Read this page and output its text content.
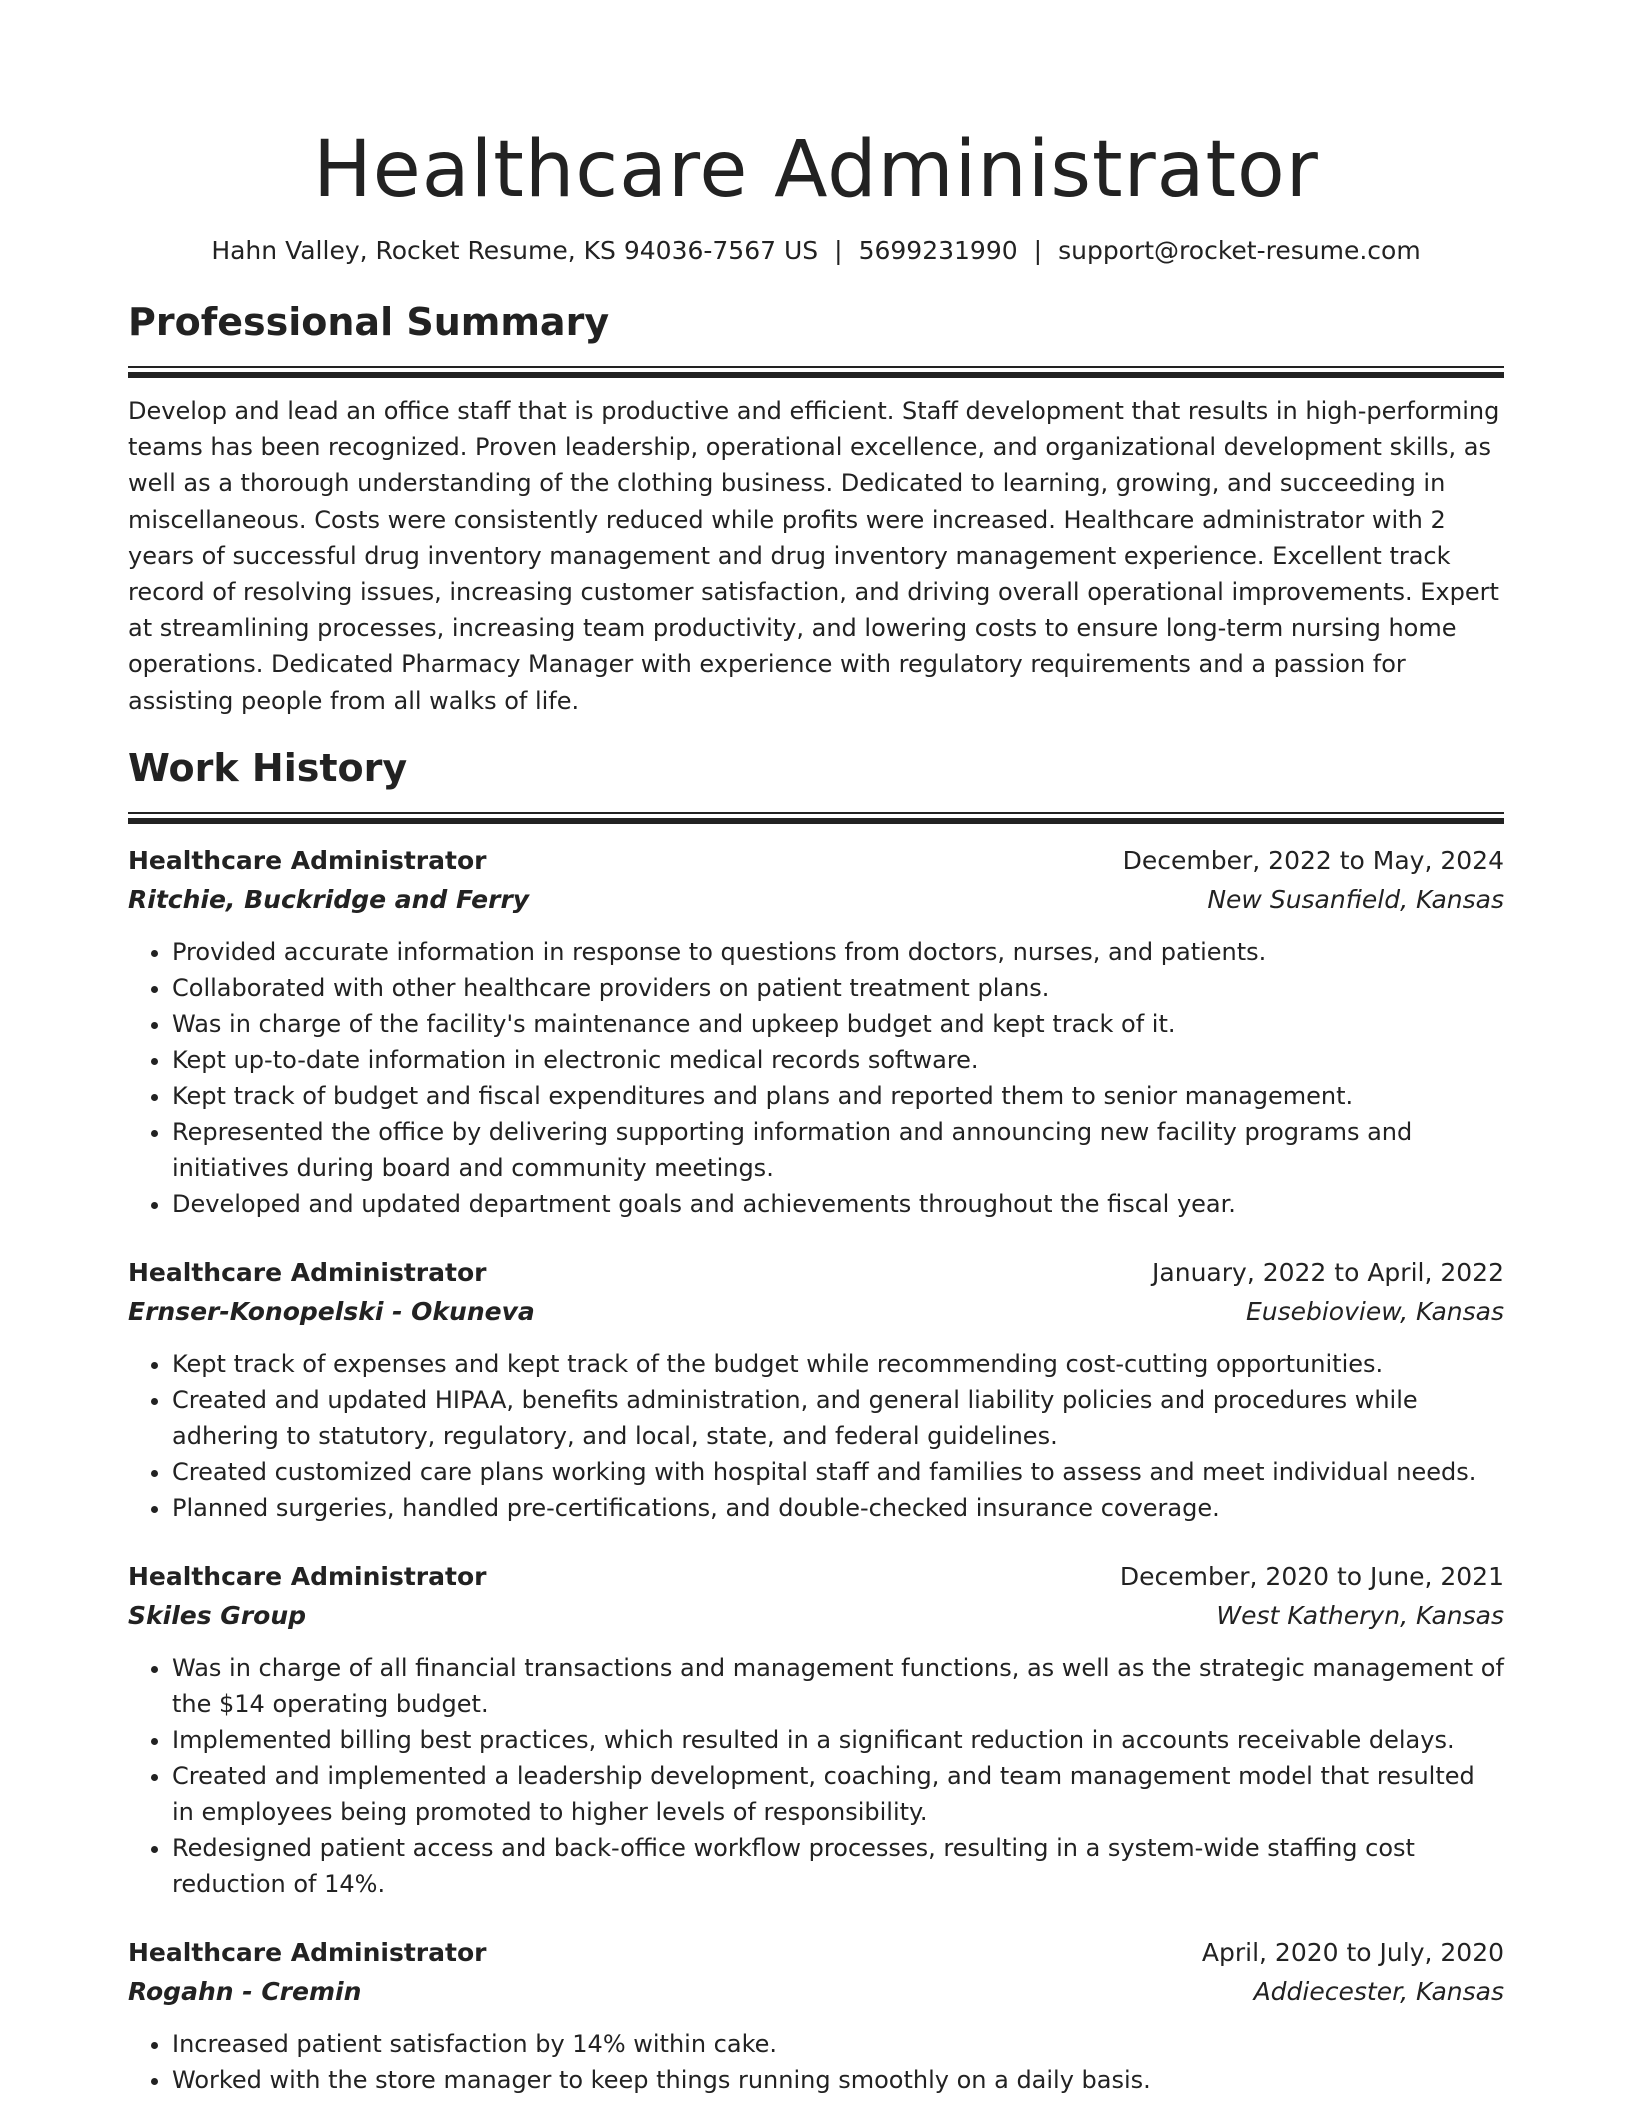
Healthcare Administrator
Hahn Valley, Rocket Resume, KS 94036-7567 US | 5699231990 | support@rocket-resume.com
Professional Summary
Develop and lead an office staff that is productive and efficient. Staff development that results in high-performing teams has been recognized. Proven leadership, operational excellence, and organizational development skills, as well as a thorough understanding of the clothing business. Dedicated to learning, growing, and succeeding in miscellaneous. Costs were consistently reduced while profits were increased. Healthcare administrator with 2 years of successful drug inventory management and drug inventory management experience. Excellent track record of resolving issues, increasing customer satisfaction, and driving overall operational improvements. Expert at streamlining processes, increasing team productivity, and lowering costs to ensure long-term nursing home operations. Dedicated Pharmacy Manager with experience with regulatory requirements and a passion for assisting people from all walks of life.
Work History
Healthcare Administrator	December, 2022 to May, 2024
Ritchie, Buckridge and Ferry	New Susanfield, Kansas
• Provided accurate information in response to questions from doctors, nurses, and patients.
• Collaborated with other healthcare providers on patient treatment plans.
• Was in charge of the facility's maintenance and upkeep budget and kept track of it.
• Kept up-to-date information in electronic medical records software.
• Kept track of budget and fiscal expenditures and plans and reported them to senior management.
• Represented the office by delivering supporting information and announcing new facility programs and initiatives during board and community meetings.
• Developed and updated department goals and achievements throughout the fiscal year.
Healthcare Administrator	January, 2022 to April, 2022
Ernser-Konopelski - Okuneva	Eusebioview, Kansas
• Kept track of expenses and kept track of the budget while recommending cost-cutting opportunities.
• Created and updated HIPAA, benefits administration, and general liability policies and procedures while adhering to statutory, regulatory, and local, state, and federal guidelines.
• Created customized care plans working with hospital staff and families to assess and meet individual needs.
• Planned surgeries, handled pre-certifications, and double-checked insurance coverage.
Healthcare Administrator	December, 2020 to June, 2021
Skiles Group	West Katheryn, Kansas
• Was in charge of all financial transactions and management functions, as well as the strategic management of the $14 operating budget.
• Implemented billing best practices, which resulted in a significant reduction in accounts receivable delays.
• Created and implemented a leadership development, coaching, and team management model that resulted in employees being promoted to higher levels of responsibility.
• Redesigned patient access and back-office workflow processes, resulting in a system-wide staffing cost reduction of 14%.
Healthcare Administrator	April, 2020 to July, 2020
Rogahn - Cremin	Addiecester, Kansas
• Increased patient satisfaction by 14% within cake.
• Worked with the store manager to keep things running smoothly on a daily basis.
